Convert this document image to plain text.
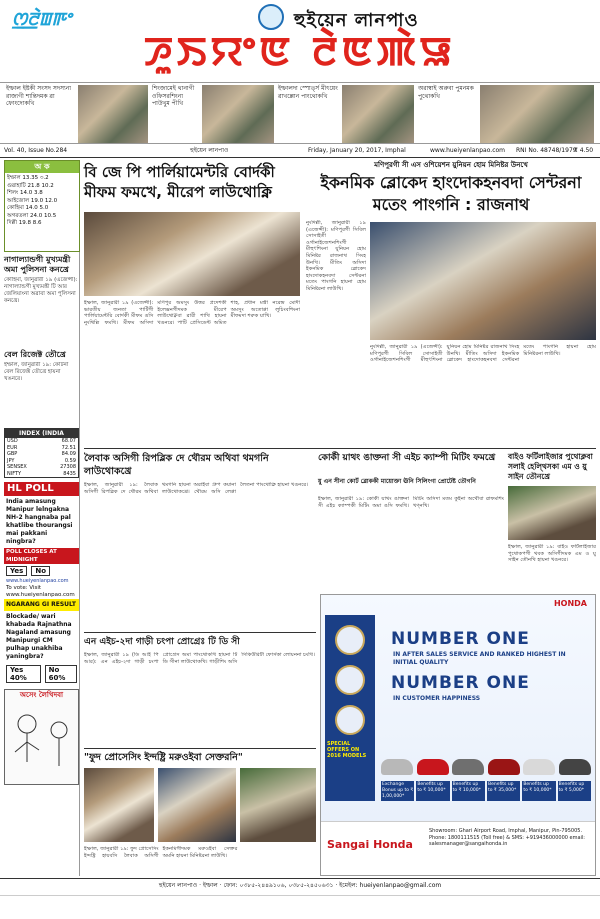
ꯁ꯭ꯂꯥꯡꯒꯦ	হুইয়েন লানপাও
ꯍꯨꯏꯌꯦꯟ ꯂꯥꯟꯄꯥꯎ
ইম্ফাল ইষ্টকী সংসদ সদস্যনা রাজ্যগী শান্তিদমক ৱা ফোংদোকখি
শিংজামেই থানাগী ওফিসরশিংনা পাউখুম পীখি
ইম্ফালদা স্পোর্ত্স মীৎয়েং ৱাখল্লোন পাংথোকখি
অরাম্বাই অরুবা পুমনমক পুথোকখি
Vol. 40, Issue No.284	হুইয়েন লানপাও	Friday, January 20, 2017, Imphal	www.hueiyenlanpao.com RNI No. 48748/1979
₹ 4.50
অ ক
ইম্ফাল 13.35 ৩.2
গুৱাহাটি 21.8 10.2
শিলং 14.0 3.8
আইজোল 19.0 12.0
কোহিমা 14.0 5.0
অগরতলা 24.0 10.5
দিল্লী 19.8 8.6
নাগাল্যান্ডগী মুখ্যমন্ত্রী অমা পুলিসনা কনখ্রে
কোহিমা, জানুৱারী ১৯ (এজেন্সী): নাগাল্যান্ডগী মুখ্যমন্ত্রী টি আর জেলিয়াংনা অৱাবা অমা পুলিসনা কনখ্রে।
বেল রিজেক্ট তৌখ্রে
ইম্ফাল, জানুৱারী ১৯: কোর্টনা বেল রিজেক্ট তৌখ্রে হায়না খঙনরে।
INDEX (INDIA RUPEES)
USD	68.07
EUR	72.51
GBP	84.09
JPY	0.59
SENSEX	27308
NIFTY	8435
HL POLL
India amasung Manipur lelngakna NH-2 hangnaba pal khatlibe thourangsi mai pakkani ningbra?
POLL CLOSES AT MIDNIGHT
Yes	No
www.hueiyenlanpao.com
To vote: Visit www.hueiyenlanpao.com
NGARANG GI RESULT
Blockade/ wari khabada Rajnathna Nagaland amasung Manipurgi CM pulhap unakhiba yaningbra?
Yes 40%
No 60%
অসেং লৈখিদবা
বি জে পি পার্লিয়ামেন্টরি বোর্দকী মীফম ফমখে, মীরেপ লাউথোক্নি
ইম্ফাল, জানুৱারী ১৯ (এজেন্সী): ভারতীয় জনতা পার্টিগী পার্লিয়ামেন্টরি বোর্দকী মীফম ঙসি নুংথিল্লি ফমখি। মীফম অসিদা মণিপুর অমসুং উত্তর প্রদেশকী ইলেক্সনগীদমক মীরেপ লাউথোক্নবা ৱারী শাখি হায়না খঙনরে। পাটি প্রেসিডেন্ট অমিত শাহ, প্রধান মন্ত্রী নরেন্দ্র মোদী অমসুং অতোপ্পা লুচিংবশিংনা মীফমদা শরুক য়াখি।
মণিপুরগী সী এস ওশিয়েশন য়ুনিয়ন হোম মিনিষ্টর উনখে
ইকনমিক ব্লোকেদ হাংদোকহনবদা সেন্টরনা মতেং পাংগনি : রাজনাথ
নুংদিল্লী, জানুৱারী ১৯ (এজেন্সী): মণিপুরগী সিবিল সোসাইতী ওর্গানাইজেশনশিংগী মীহুৎশিংনা য়ুনিয়ন হোম মিনিষ্টর রাজনাথ সিংহ উনখি। মীতিং অসিদা ইকনমিক ব্লোকেদ হাংদোকহনবদা সেন্টরনা মতেং পাংগনি হায়না হোম মিনিষ্টরনা লাউখি।
নুংদিল্লী, জানুৱারী ১৯ (এজেন্সী): মণিপুরগী সিবিল সোসাইতী ওর্গানাইজেশনশিংগী মীহুৎশিংনা য়ুনিয়ন হোম মিনিষ্টর রাজনাথ সিংহ উনখি। মীতিং অসিদা ইকনমিক ব্লোকেদ হাংদোকহনবদা সেন্টরনা মতেং পাংগনি হায়না হোম মিনিষ্টরনা লাউখি।
লৈবাক অসিগী রিপব্লিক দে থৌরম অথিবা থমগনি লাউথোকখ্রে
ইম্ফাল, জানুৱারী ১৯: লৈবাক অসিগী রিপব্লিক দে থৌরম অথিবা থমগনি হায়না অরাইবা গ্রুপ কয়ানা লাউথোকখ্রে। থৌরম অসি লেপ্পা লৈতনা পাংথোক্লি হায়না খঙনরে।
কোর্কী য়াথং ঙাক্তনা সী এইচ ক্যাম্পী মিটিং ফমখ্রে
য়ু এন সীনা কোর্ট ব্লোককী মায়োক্তা ঊনি সিলিংগা প্রোটেষ্ট তৌগনি
ইম্ফাল, জানুৱারী ১৯: কোর্কী য়াথং ঙাক্তনা সী এইচ ক্যাম্পকী মিটিং অমা ঙসি ফমখি। মিটিং অসিদা মতম কুইনা অথৌবা ৱাফমশিং খণ্নখি।
বাইও ফর্টিলাইজার পুথোক্লবা সলাই হেল্থিসকা এম ও য়ু সাইন তৌনখ্রে
ইম্ফাল, জানুৱারী ১৯: বাইও ফর্টিলাইজার পুথোকপগী থবক অসিগীদমক এম ও য়ু সাইন তৌনখি হায়না খঙনরে।
এন এইচ-২দা গাড়ী চংপা প্রোগ্রেঃ টি ডি সী
ইম্ফাল, জানুৱারী ১৯ (ডি আই পি আর): এন এইচ-২দা গাড়ী চংপা প্রোগ্রেস অমা পাংথোকখি হায়না টি ডি সীনা লাউথোকখি। গাড়ীশিং অসি সিকিউরিটী ফোর্সকা লোয়ননা চংখি।
"ফুদ প্রোসেসিং ইন্দষ্ট্রি মরুওইবা সেক্তরনি"
ইম্ফাল, জানুৱারী ১৯: ফুদ প্রোসেসিং ইন্দষ্ট্রি হায়বসি লৈবাক অসিগী ইকনমিগীদমক মরুওইবা সেক্তর অমনি হায়না মিনিষ্টরনা লাউখি।
HONDA
SPECIAL OFFERS ON 2016 MODELS
NUMBER ONE
IN AFTER SALES SERVICE AND RANKED HIGHEST IN INITIAL QUALITY
NUMBER ONE
IN CUSTOMER HAPPINESS
Exchange Bonus up to ₹ 1,00,000*
Benefits up to ₹ 10,000*
Benefits up to ₹ 10,000*
Benefits up to ₹ 35,000*
Benefits up to ₹ 10,000*
Benefits up to ₹ 5,000*
Sangai Honda
Showroom: Ghari Airport Road, Imphal, Manipur, Pin-795005. Phone: 1800111515 (Toll free) & SMS: +919436000000 email: salesmanager@sangaihonda.in
হুইয়েন লানপাও · ইম্ফাল · ফোন: ০৩৮৫-২৪৪৯১০৬, ০৩৮৫-২৪৫০৬৩১ · ইমেইল: hueiyenlanpao@gmail.com
